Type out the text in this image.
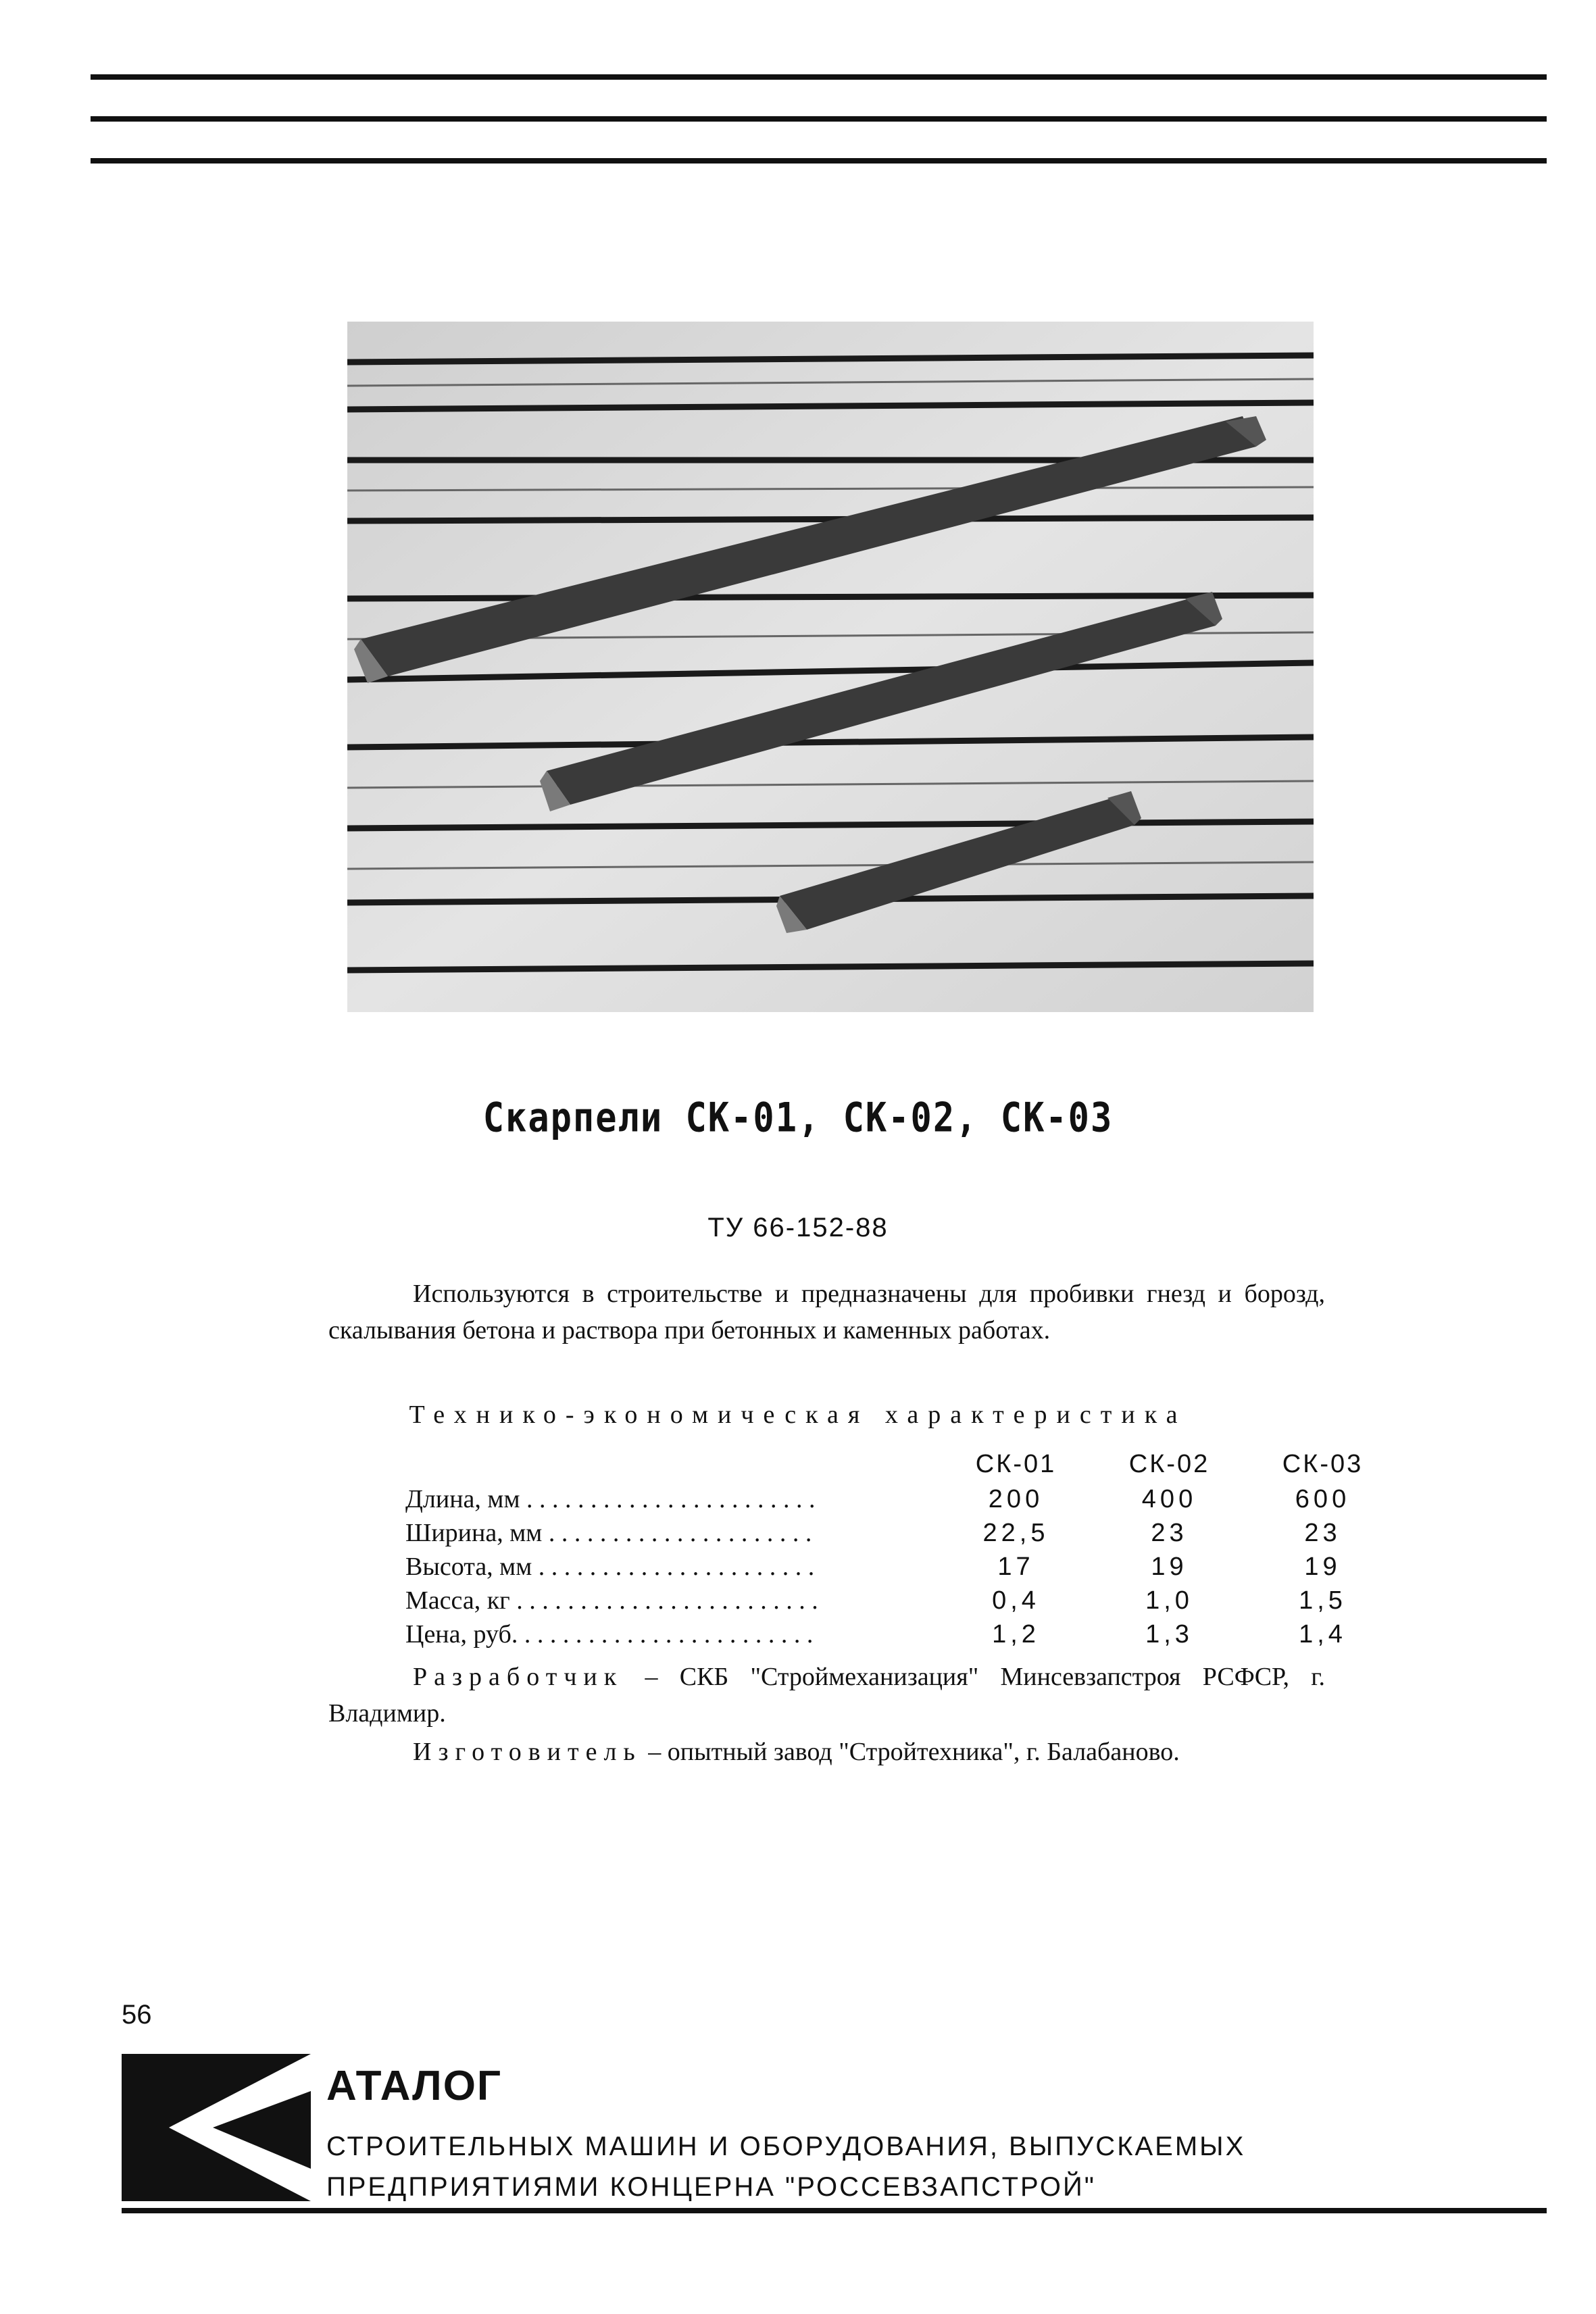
Скарпели СК-01, СК-02, СК-03
ТУ 66-152-88
Используются в строительстве и предназначены для пробивки гнезд и борозд, скалывания бетона и раствора при бетонных и каменных работах.
Технико-экономическая характеристика
	СК-01	СК-02	СК-03
Длина, мм . . . . . . . . . . . . . . . . . . . . . . .	200	400	600
Ширина, мм . . . . . . . . . . . . . . . . . . . . .	22,5	23	23
Высота, мм . . . . . . . . . . . . . . . . . . . . . .	17	19	19
Масса, кг . . . . . . . . . . . . . . . . . . . . . . . .	0,4	1,0	1,5
Цена, руб. . . . . . . . . . . . . . . . . . . . . . . .	1,2	1,3	1,4
Разработчик – СКБ "Строймеханизация" Минсевзапстроя РСФСР, г. Владимир.
Изготовитель – опытный завод "Стройтехника", г. Балабаново.
56
АТАЛОГ
СТРОИТЕЛЬНЫХ МАШИН И ОБОРУДОВАНИЯ, ВЫПУСКАЕМЫХ
ПРЕДПРИЯТИЯМИ КОНЦЕРНА "РОССЕВЗАПСТРОЙ"
